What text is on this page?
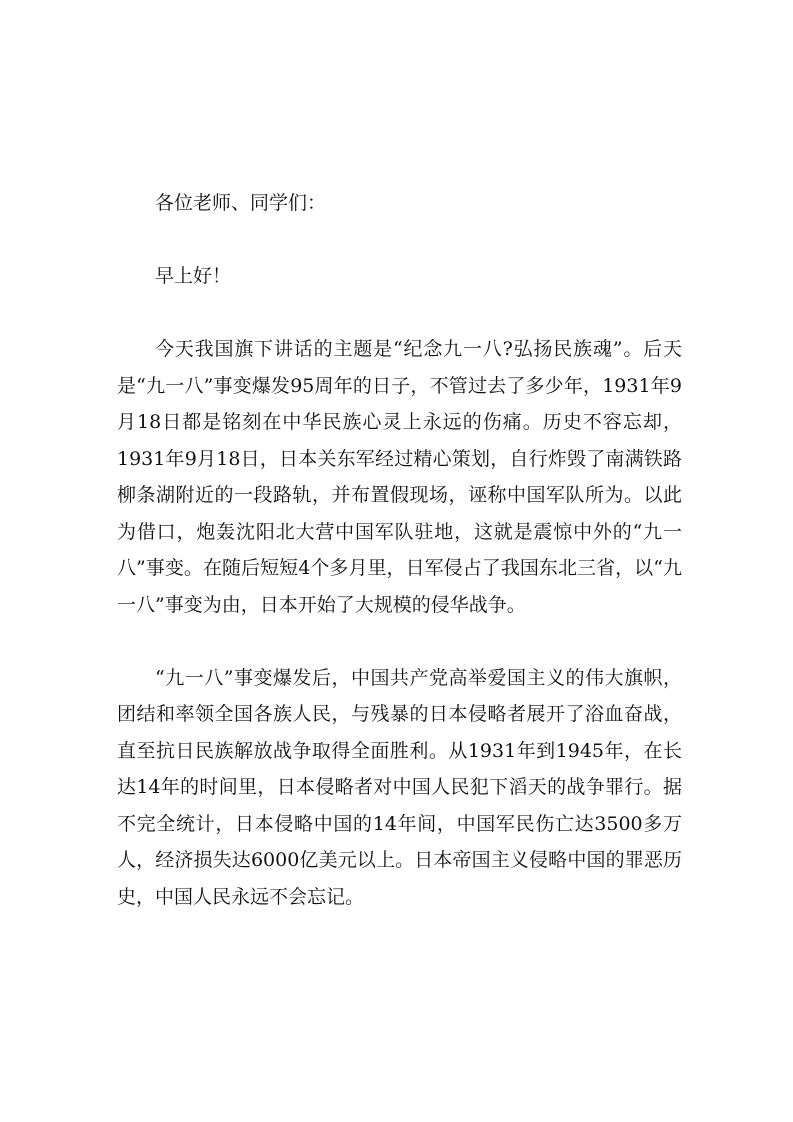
各位老师、同学们：

早上好！

今天我国旗下讲话的主题是“纪念九一八?弘扬民族魂”。后天是“九一八”事变爆发95周年的日子，不管过去了多少年，1931年9月18日都是铭刻在中华民族心灵上永远的伤痛。历史不容忘却，1931年9月18日，日本关东军经过精心策划，自行炸毁了南满铁路柳条湖附近的一段路轨，并布置假现场，诬称中国军队所为。以此为借口，炮轰沈阳北大营中国军队驻地，这就是震惊中外的“九一八”事变。在随后短短4个多月里，日军侵占了我国东北三省，以“九一八”事变为由，日本开始了大规模的侵华战争。

“九一八”事变爆发后，中国共产党高举爱国主义的伟大旗帜，团结和率领全国各族人民，与残暴的日本侵略者展开了浴血奋战，直至抗日民族解放战争取得全面胜利。从1931年到1945年，在长达14年的时间里，日本侵略者对中国人民犯下滔天的战争罪行。据不完全统计，日本侵略中国的14年间，中国军民伤亡达3500多万人，经济损失达6000亿美元以上。日本帝国主义侵略中国的罪恶历史，中国人民永远不会忘记。
